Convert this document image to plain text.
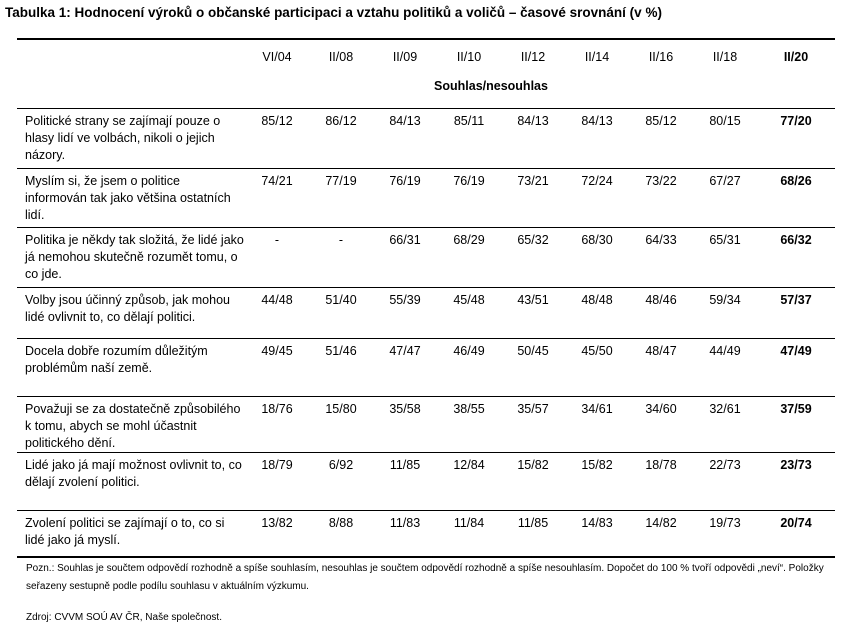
Tabulka 1: Hodnocení výroků o občanské participaci a vztahu politiků a voličů – časové srovnání (v %)
	VI/04	II/08	II/09	II/10	II/12	II/14	II/16	II/18	II/20
Souhlas/nesouhlas									
Politické strany se zajímají pouze o hlasy lidí ve volbách, nikoli o jejich názory.	85/12	86/12	84/13	85/11	84/13	84/13	85/12	80/15	77/20
Myslím si, že jsem o politice informován tak jako většina ostatních lidí.	74/21	77/19	76/19	76/19	73/21	72/24	73/22	67/27	68/26
Politika je někdy tak složitá, že lidé jako já nemohou skutečně rozumět tomu, o co jde.	-	-	66/31	68/29	65/32	68/30	64/33	65/31	66/32
Volby jsou účinný způsob, jak mohou lidé ovlivnit to, co dělají politici.	44/48	51/40	55/39	45/48	43/51	48/48	48/46	59/34	57/37
Docela dobře rozumím důležitým problémům naší země.	49/45	51/46	47/47	46/49	50/45	45/50	48/47	44/49	47/49
Považuji se za dostatečně způsobilého k tomu, abych se mohl účastnit politického dění.	18/76	15/80	35/58	38/55	35/57	34/61	34/60	32/61	37/59
Lidé jako já mají možnost ovlivnit to, co dělají zvolení politici.	18/79	6/92	11/85	12/84	15/82	15/82	18/78	22/73	23/73
Zvolení politici se zajímají o to, co si lidé jako já myslí.	13/82	8/88	11/83	11/84	11/85	14/83	14/82	19/73	20/74
Pozn.: Souhlas je součtem odpovědí rozhodně a spíše souhlasím, nesouhlas je součtem odpovědí rozhodně a spíše nesouhlasím. Dopočet do 100 % tvoří odpovědi „neví“. Položky seřazeny sestupně podle podílu souhlasu v aktuálním výzkumu.
Zdroj: CVVM SOÚ AV ČR, Naše společnost.
